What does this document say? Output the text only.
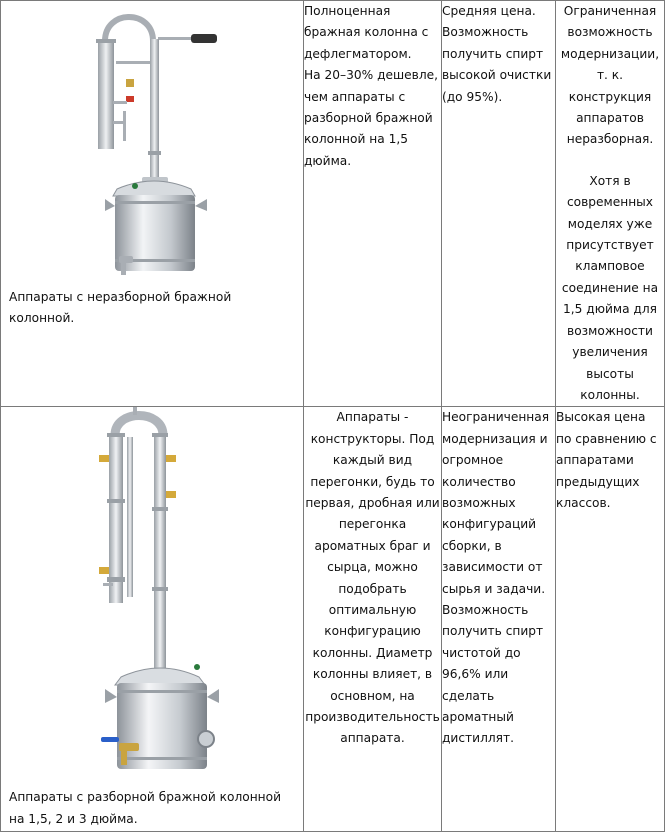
Аппараты с неразборной бражной колонной.	Полноценная бражная колонна с дефлегматором.
На 20–30% дешевле, чем аппараты с разборной бражной колонной на 1,5 дюйма.	Средняя цена. Возможность получить спирт высокой очистки (до 95%).	Ограниченная возможность модернизации, т. к. конструкция аппаратов неразборная.
Хотя в современных моделях уже присутствует кламповое соединение на 1,5 дюйма для возможности увеличения высоты колонны.

Аппараты с разборной бражной колонной на 1,5, 2 и 3 дюйма.	Аппараты - конструкторы. Под каждый вид перегонки, будь то первая, дробная или перегонка ароматных браг и сырца, можно подобрать оптимальную конфигурацию колонны. Диаметр колонны влияет, в основном, на производительность аппарата.	Неограниченная модернизация и огромное количество возможных конфигураций сборки, в зависимости от сырья и задачи. Возможность получить спирт чистотой до 96,6% или сделать ароматный дистиллят.	Высокая цена по сравнению с аппаратами предыдущих классов.
